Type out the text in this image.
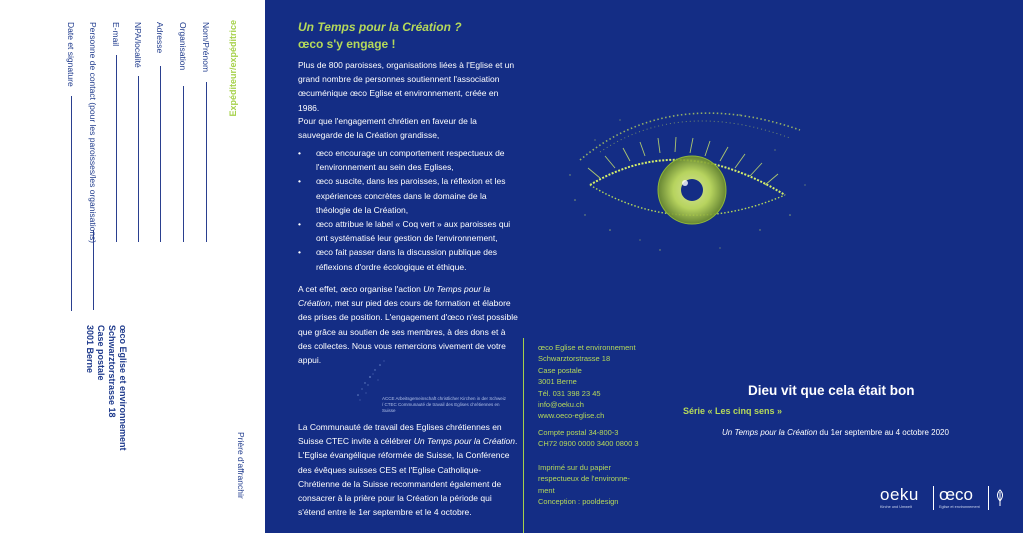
Expéditeur/expéditrice
Nom/Prénom
Organisation
Adresse
NPA/localité
E-mail
Personne de contact (pour les paroisses/les organisations)
Date et signature
œco Eglise et environnement
Schwarztorstrasse 18
Case postale
3001 Berne
Prière d'affranchir
Un Temps pour la Création ?
œco s'y engage !
Plus de 800 paroisses, organisations liées à l'Eglise et un grand nombre de personnes soutiennent l'association œcuménique œco Eglise et environnement, créée en 1986.
Pour que l'engagement chrétien en faveur de la sauvegarde de la Création grandisse,
• œco encourage un comportement respectueux de l'environnement au sein des Eglises,
• œco suscite, dans les paroisses, la réflexion et les expériences concrètes dans le domaine de la théologie de la Création,
• œco attribue le label « Coq vert » aux paroisses qui ont systématisé leur gestion de l'environnement,
• œco fait passer dans la discussion publique des réflexions d'ordre écologique et éthique.
A cet effet, œco organise l'action Un Temps pour la Création, met sur pied des cours de formation et élabore des prises de position. L'engagement d'œco n'est possible que grâce au soutien de ses membres, à des dons et à des collectes. Nous vous remercions vivement de votre appui.
ACCE Arbeitsgemeinschaft christlicher Kirchen in der Schweiz / CTEC Communauté de travail des Eglises chrétiennes en Suisse
La Communauté de travail des Eglises chrétiennes en Suisse CTEC invite à célébrer Un Temps pour la Création. L'Eglise évangélique réformée de Suisse, la Conférence des évêques suisses CES et l'Eglise Catholique-Chrétienne de la Suisse recommandent également de consacrer à la prière pour la Création la période qui s'étend entre le 1er septembre et le 4 octobre.
œco Eglise et environnement
Schwarztorstrasse 18
Case postale
3001 Berne
Tél. 031 398 23 45
info@oeku.ch
www.oeco-eglise.ch
Compte postal 34-800-3
CH72 0900 0000 3400 0800 3
Imprimé sur du papier
respectueux de l'environne-
ment
Conception : pooldesign
Dieu vit que cela était bon
Série « Les cinq sens »
Un Temps pour la Création du 1er septembre au 4 octobre 2020
oeku
Kirche und Umwelt
œco
Eglise et environnement
